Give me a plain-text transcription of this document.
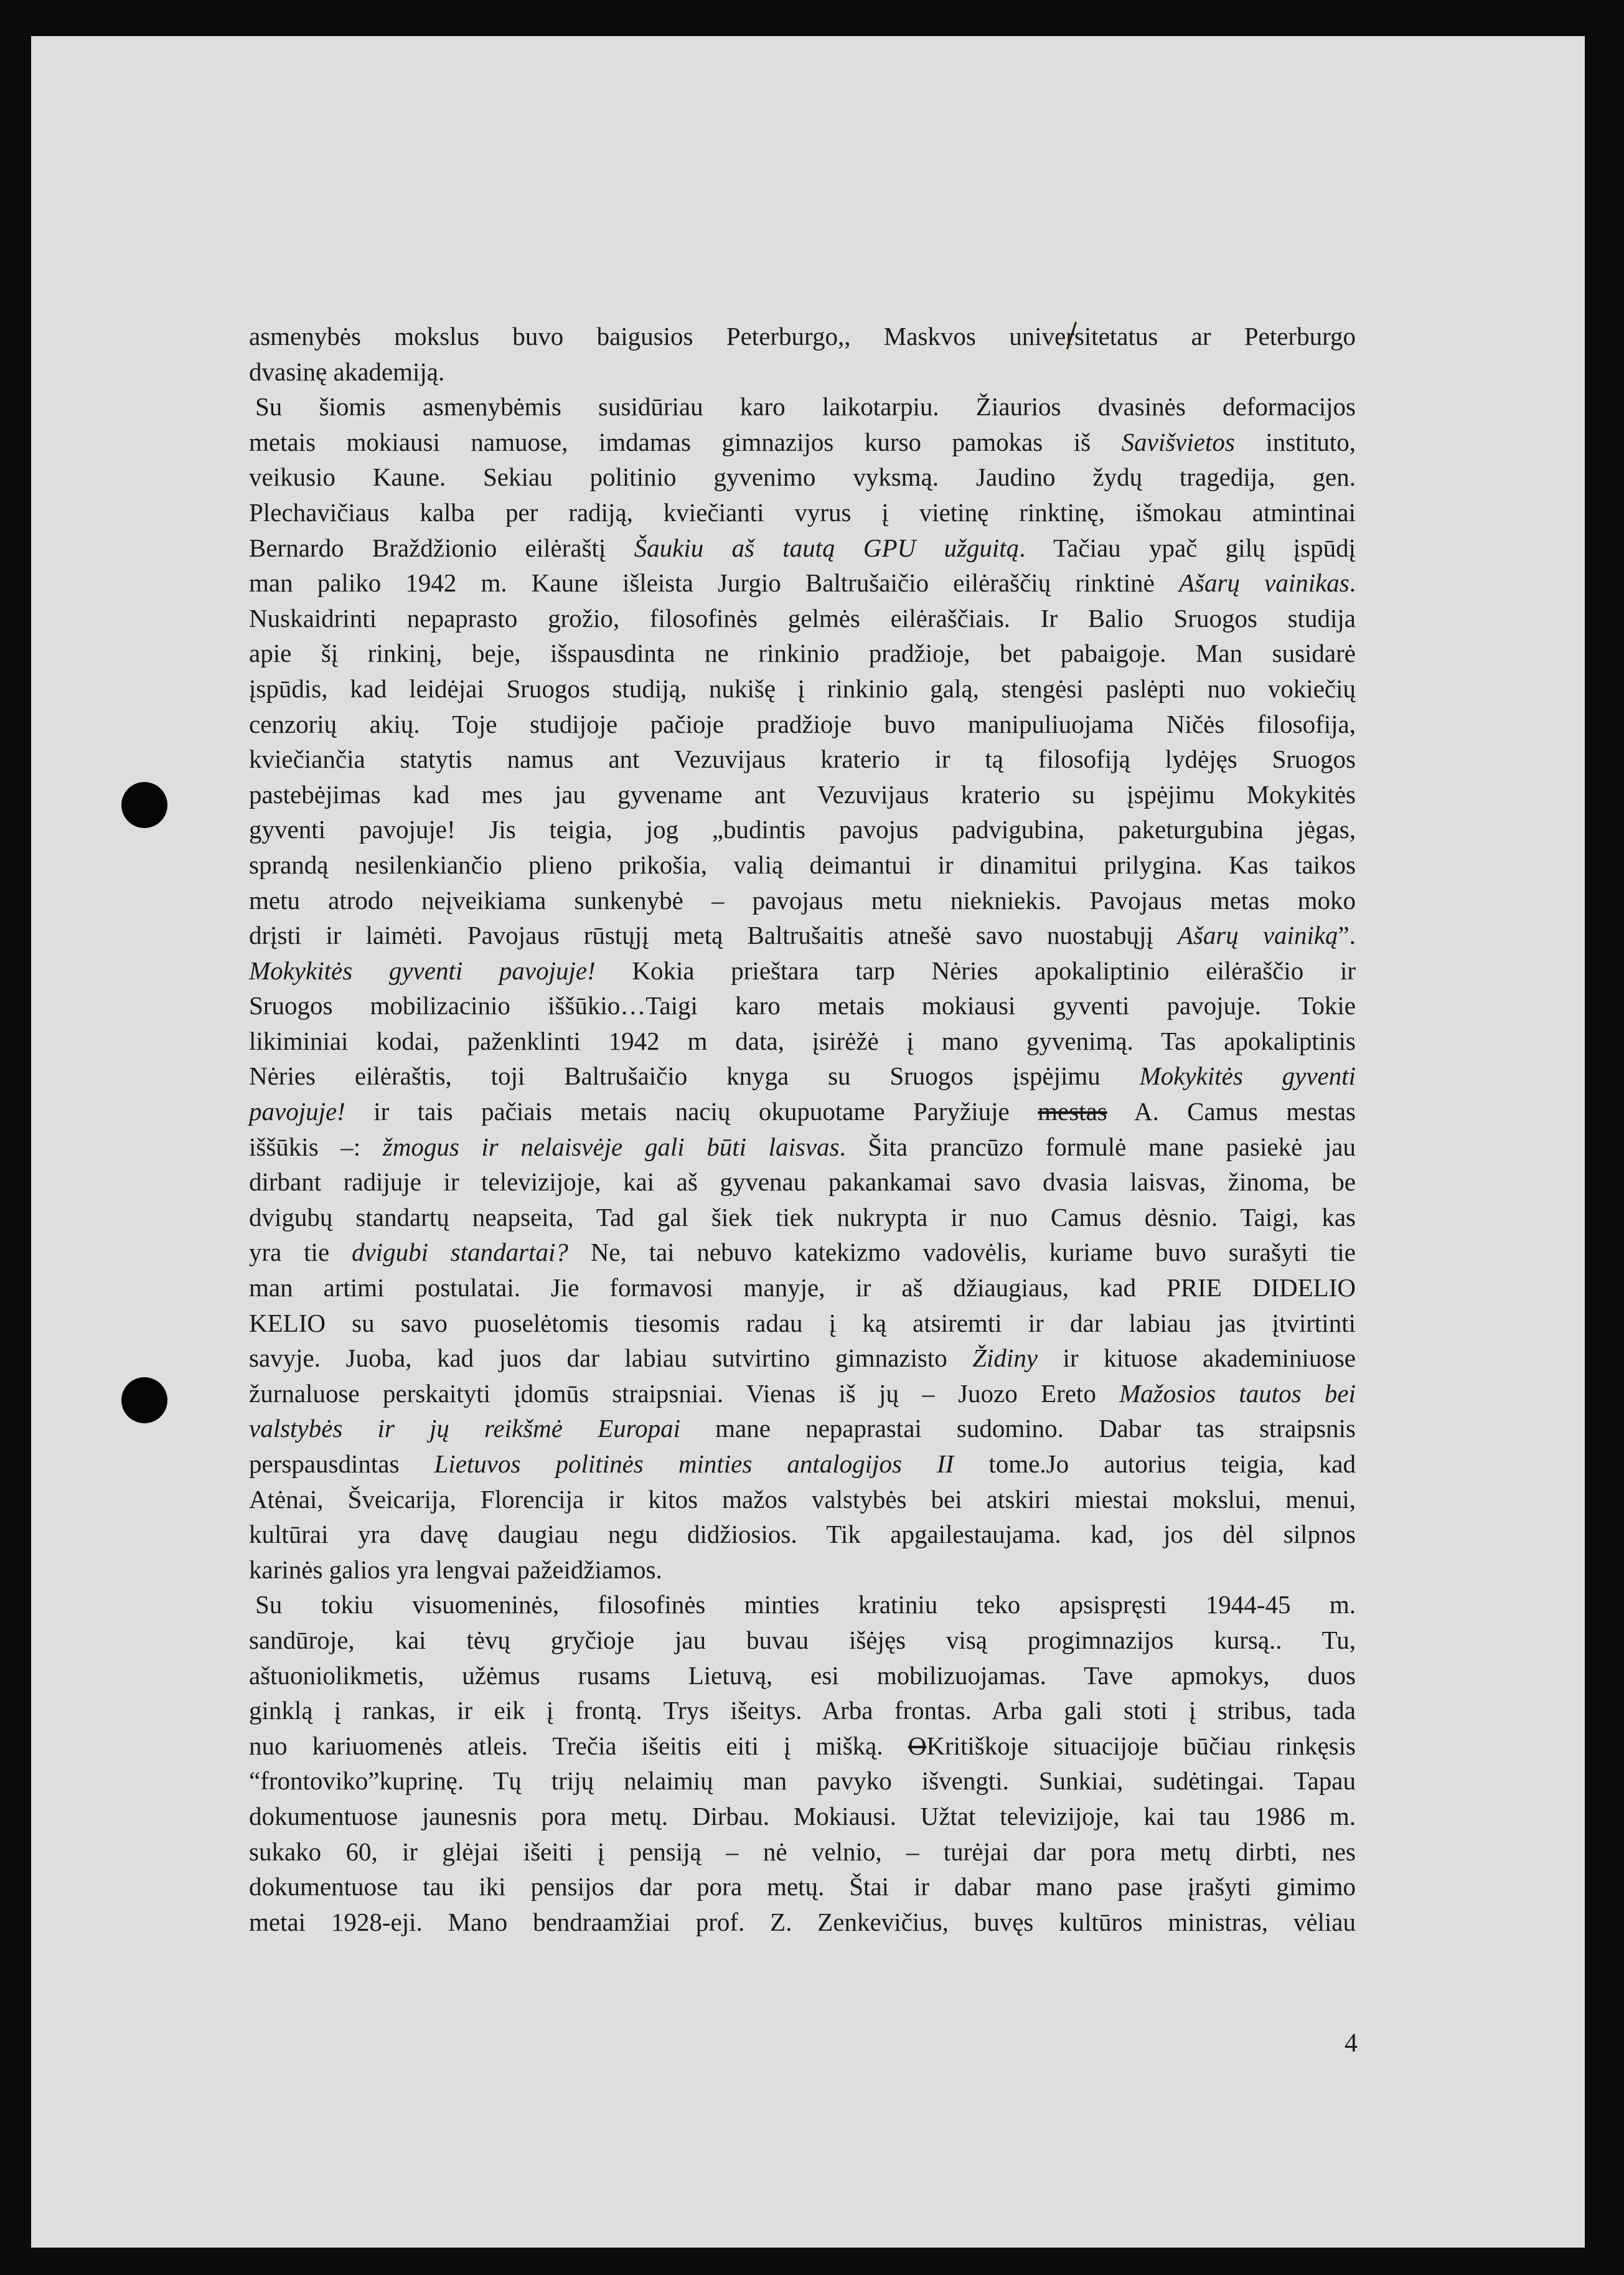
asmenybės mokslus buvo baigusios Peterburgo,, Maskvos universitetatus ar Peterburgo
dvasinę akademiją.
Su šiomis asmenybėmis susidūriau karo laikotarpiu. Žiaurios dvasinės deformacijos
metais mokiausi namuose, imdamas gimnazijos kurso pamokas iš Savišvietos instituto,
veikusio Kaune. Sekiau politinio gyvenimo vyksmą. Jaudino žydų tragedija, gen.
Plechavičiaus kalba per radiją, kviečianti vyrus į vietinę rinktinę, išmokau atmintinai
Bernardo Braždžionio eilėraštį Šaukiu aš tautą GPU užguitą. Tačiau ypač gilų įspūdį
man paliko 1942 m. Kaune išleista Jurgio Baltrušaičio eilėraščių rinktinė Ašarų vainikas.
Nuskaidrinti nepaprasto grožio, filosofinės gelmės eilėraščiais. Ir Balio Sruogos studija
apie šį rinkinį, beje, išspausdinta ne rinkinio pradžioje, bet pabaigoje. Man susidarė
įspūdis, kad leidėjai Sruogos studiją, nukišę į rinkinio galą, stengėsi paslėpti nuo vokiečių
cenzorių akių. Toje studijoje pačioje pradžioje buvo manipuliuojama Ničės filosofija,
kviečiančia statytis namus ant Vezuvijaus kraterio ir tą filosofiją lydėjęs Sruogos
pastebėjimas kad mes jau gyvename ant Vezuvijaus kraterio su įspėjimu Mokykitės
gyventi pavojuje! Jis teigia, jog „budintis pavojus padvigubina, paketurgubina jėgas,
sprandą nesilenkiančio plieno prikošia, valią deimantui ir dinamitui prilygina. Kas taikos
metu atrodo neįveikiama sunkenybė – pavojaus metu niekniekis. Pavojaus metas moko
drįsti ir laimėti. Pavojaus rūstųjį metą Baltrušaitis atnešė savo nuostabųjį Ašarų vainiką”.
Mokykitės gyventi pavojuje! Kokia prieštara tarp Nėries apokaliptinio eilėraščio ir
Sruogos mobilizacinio iššūkio…Taigi karo metais mokiausi gyventi pavojuje. Tokie
likiminiai kodai, paženklinti 1942 m data, įsirėžė į mano gyvenimą. Tas apokaliptinis
Nėries eilėraštis, toji Baltrušaičio knyga su Sruogos įspėjimu Mokykitės gyventi
pavojuje! ir tais pačiais metais nacių okupuotame Paryžiuje mestas A. Camus mestas
iššūkis –: žmogus ir nelaisvėje gali būti laisvas. Šita prancūzo formulė mane pasiekė jau
dirbant radijuje ir televizijoje, kai aš gyvenau pakankamai savo dvasia laisvas, žinoma, be
dvigubų standartų neapseita, Tad gal šiek tiek nukrypta ir nuo Camus dėsnio. Taigi, kas
yra tie dvigubi standartai? Ne, tai nebuvo katekizmo vadovėlis, kuriame buvo surašyti tie
man artimi postulatai. Jie formavosi manyje, ir aš džiaugiaus, kad PRIE DIDELIO
KELIO su savo puoselėtomis tiesomis radau į ką atsiremti ir dar labiau jas įtvirtinti
savyje. Juoba, kad juos dar labiau sutvirtino gimnazisto Židiny ir kituose akademiniuose
žurnaluose perskaityti įdomūs straipsniai. Vienas iš jų – Juozo Ereto Mažosios tautos bei
valstybės ir jų reikšmė Europai mane nepaprastai sudomino. Dabar tas straipsnis
perspausdintas Lietuvos politinės minties antalogijos II tome.Jo autorius teigia, kad
Atėnai, Šveicarija, Florencija ir kitos mažos valstybės bei atskiri miestai mokslui, menui,
kultūrai yra davę daugiau negu didžiosios. Tik apgailestaujama. kad, jos dėl silpnos
karinės galios yra lengvai pažeidžiamos.
Su tokiu visuomeninės, filosofinės minties kratiniu teko apsispręsti 1944-45 m.
sandūroje, kai tėvų gryčioje jau buvau išėjęs visą progimnazijos kursą.. Tu,
aštuoniolikmetis, užėmus rusams Lietuvą, esi mobilizuojamas. Tave apmokys, duos
ginklą į rankas, ir eik į frontą. Trys išeitys. Arba frontas. Arba gali stoti į stribus, tada
nuo kariuomenės atleis. Trečia išeitis eiti į mišką. OKritiškoje situacijoje būčiau rinkęsis
“frontoviko”kuprinę. Tų trijų nelaimių man pavyko išvengti. Sunkiai, sudėtingai. Tapau
dokumentuose jaunesnis pora metų. Dirbau. Mokiausi. Užtat televizijoje, kai tau 1986 m.
sukako 60, ir glėjai išeiti į pensiją – nė velnio, – turėjai dar pora metų dirbti, nes
dokumentuose tau iki pensijos dar pora metų. Štai ir dabar mano pase įrašyti gimimo
metai 1928-eji. Mano bendraamžiai prof. Z. Zenkevičius, buvęs kultūros ministras, vėliau
4
